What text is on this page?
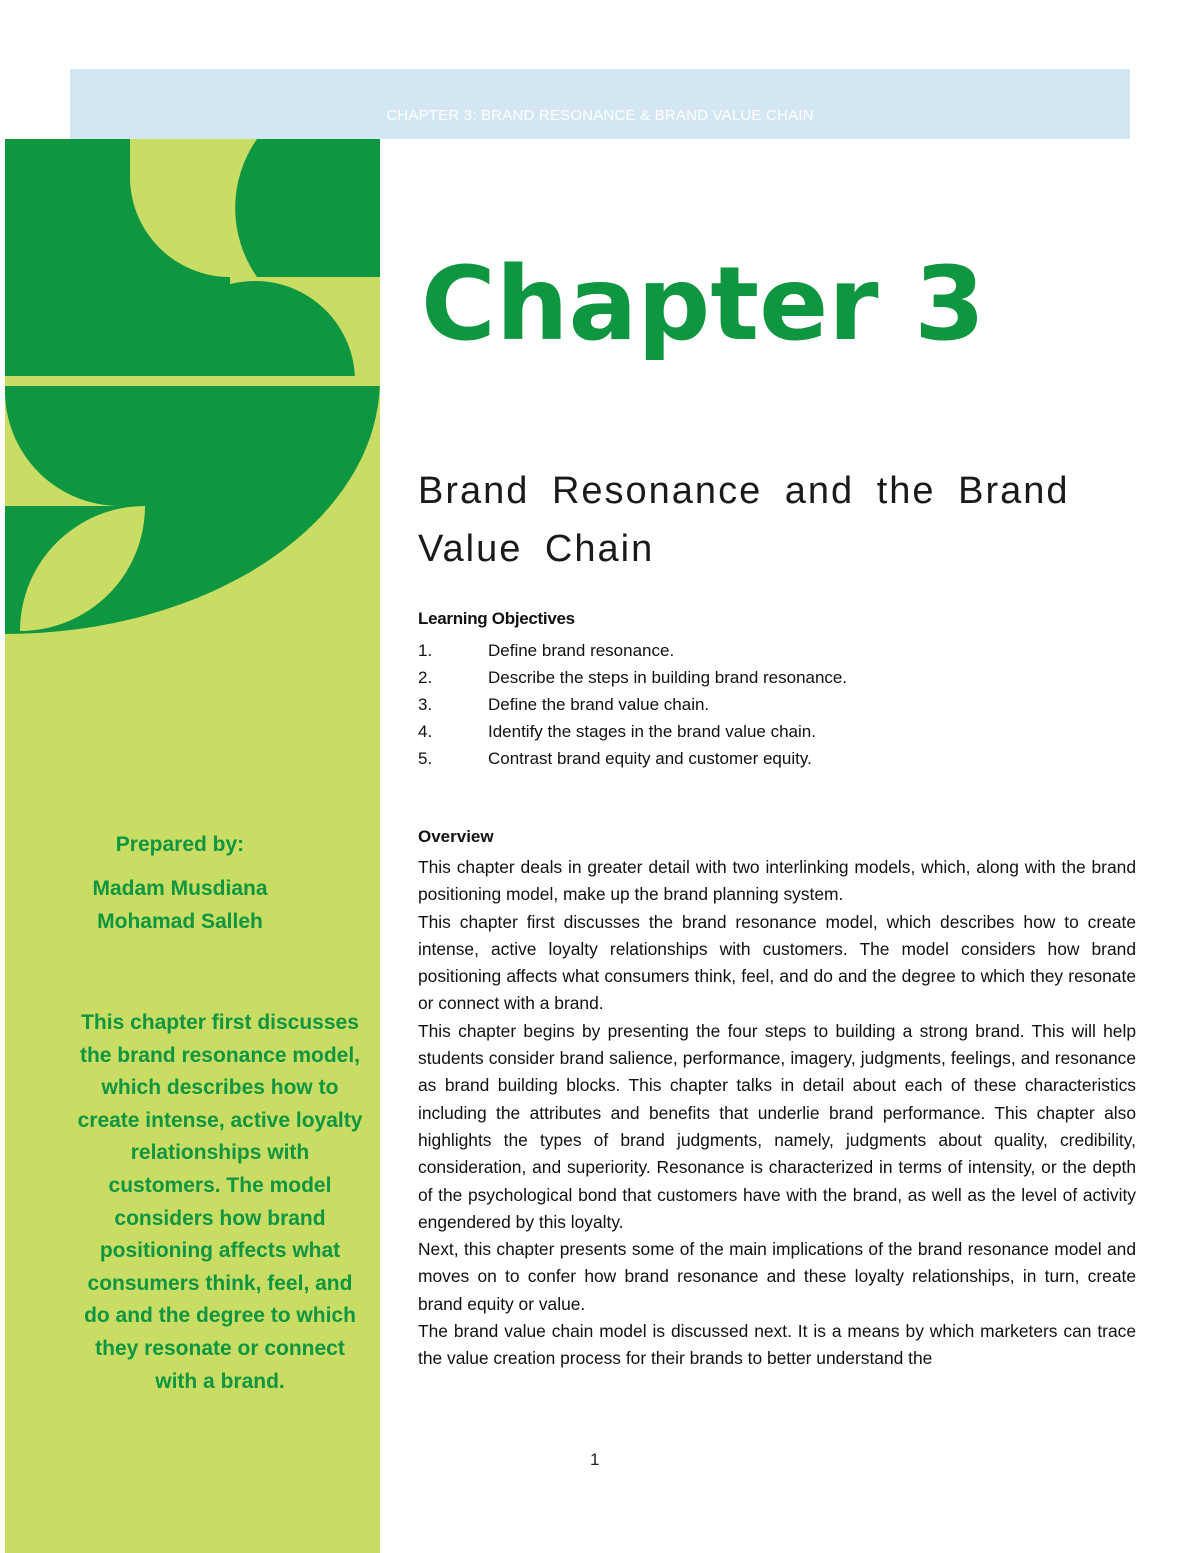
CHAPTER 3: BRAND RESONANCE & BRAND VALUE CHAIN
Prepared by:
Madam Musdiana
Mohamad Salleh
This chapter first discusses the brand resonance model, which describes how to create intense, active loyalty relationships with customers. The model considers how brand positioning affects what consumers think, feel, and do and the degree to which they resonate or connect with a brand.
Chapter 3
Brand Resonance and the Brand Value Chain
Learning Objectives
1.	Define brand resonance.
2.	Describe the steps in building brand resonance.
3.	Define the brand value chain.
4.	Identify the stages in the brand value chain.
5.	Contrast brand equity and customer equity.
Overview

This chapter deals in greater detail with two interlinking models, which, along with the brand positioning model, make up the brand planning system.

This chapter first discusses the brand resonance model, which describes how to create intense, active loyalty relationships with customers. The model considers how brand positioning affects what consumers think, feel, and do and the degree to which they resonate or connect with a brand.

This chapter begins by presenting the four steps to building a strong brand. This will help students consider brand salience, performance, imagery, judgments, feelings, and resonance as brand building blocks. This chapter talks in detail about each of these characteristics including the attributes and benefits that underlie brand performance. This chapter also highlights the types of brand judgments, namely, judgments about quality, credibility, consideration, and superiority. Resonance is characterized in terms of intensity, or the depth of the psychological bond that customers have with the brand, as well as the level of activity engendered by this loyalty.

Next, this chapter presents some of the main implications of the brand resonance model and moves on to confer how brand resonance and these loyalty relationships, in turn, create brand equity or value.

The brand value chain model is discussed next. It is a means by which marketers can trace the value creation process for their brands to better understand the

1
